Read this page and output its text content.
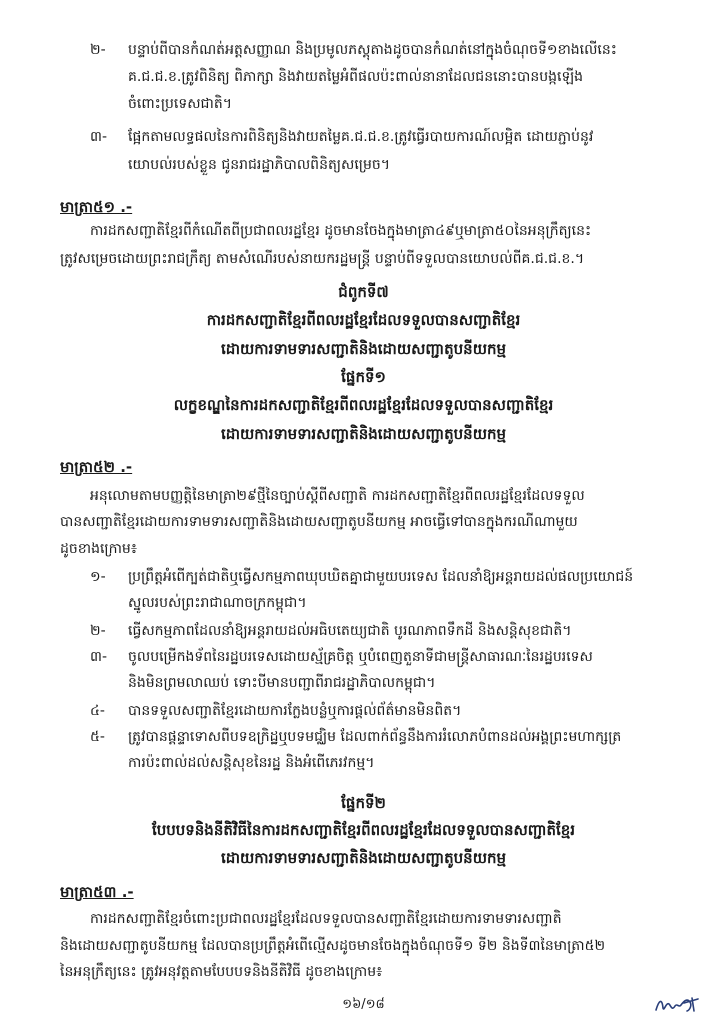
២- បន្ទាប់ពីបានកំណត់អត្តសញ្ញាណ និងប្រមូលភស្តុតាងដូចបានកំណត់នៅក្នុងចំណុចទី១ខាងលើនេះ
គ.ជ.ជ.ខ.ត្រូវពិនិត្យ ពិភាក្សា និងវាយតម្លៃអំពីផលប៉ះពាល់នានាដែលជននោះបានបង្កឡើង
ចំពោះប្រទេសជាតិ។
៣- ផ្អែកតាមលទ្ធផលនៃការពិនិត្យនិងវាយតម្លៃគ.ជ.ជ.ខ.ត្រូវធ្វើរបាយការណ៍លម្អិត ដោយភ្ជាប់នូវ
យោបល់របស់ខ្លួន ជូនរាជរដ្ឋាភិបាលពិនិត្យសម្រេច។
មាត្រា៥១ .-
ការដកសញ្ជាតិខ្មែរពីកំណើតពីប្រជាពលរដ្ឋខ្មែរ ដូចមានចែងក្នុងមាត្រា៤៩ឬមាត្រា៥០នៃអនុក្រឹត្យនេះ
ត្រូវសម្រេចដោយព្រះរាជក្រឹត្យ តាមសំណើរបស់នាយករដ្ឋមន្ត្រី បន្ទាប់ពីទទួលបានយោបល់ពីគ.ជ.ជ.ខ.។
ជំពូកទី៧
ការដកសញ្ជាតិខ្មែរពីពលរដ្ឋខ្មែរដែលទទួលបានសញ្ជាតិខ្មែរ
ដោយការទាមទារសញ្ជាតិនិងដោយសញ្ជាតូបនីយកម្ម
ផ្នែកទី១
លក្ខខណ្ឌនៃការដកសញ្ជាតិខ្មែរពីពលរដ្ឋខ្មែរដែលទទួលបានសញ្ជាតិខ្មែរ
ដោយការទាមទារសញ្ជាតិនិងដោយសញ្ជាតូបនីយកម្ម
មាត្រា៥២ .-
អនុលោមតាមបញ្ញត្តិនៃមាត្រា២៩ថ្មីនៃច្បាប់ស្តីពីសញ្ជាតិ ការដកសញ្ជាតិខ្មែរពីពលរដ្ឋខ្មែរដែលទទួល
បានសញ្ជាតិខ្មែរដោយការទាមទារសញ្ជាតិនិងដោយសញ្ជាតូបនីយកម្ម អាចធ្វើទៅបានក្នុងករណីណាមួយ
ដូចខាងក្រោម៖
១- ប្រព្រឹត្តអំពើក្បត់ជាតិឬធ្វើសកម្មភាពឃុបឃិតគ្នាជាមួយបរទេស ដែលនាំឱ្យអន្តរាយដល់ផលប្រយោជន៍
ស្នូលរបស់ព្រះរាជាណាចក្រកម្ពុជា។
២- ធ្វើសកម្មភាពដែលនាំឱ្យអន្តរាយដល់អធិបតេយ្យជាតិ បូរណភាពទឹកដី និងសន្តិសុខជាតិ។
៣- ចូលបម្រើកងទ័ពនៃរដ្ឋបរទេសដោយស្ម័គ្រចិត្ត ឬបំពេញតួនាទីជាមន្ត្រីសាធារណៈនៃរដ្ឋបរទេស
និងមិនព្រមលាឈប់ ទោះបីមានបញ្ជាពីរាជរដ្ឋាភិបាលកម្ពុជា។
៤- បានទទួលសញ្ជាតិខ្មែរដោយការក្លែងបន្លំឬការផ្តល់ព័ត៌មានមិនពិត។
៥- ត្រូវបានផ្តន្ទាទោសពីបទឧក្រិដ្ឋឬបទមជ្ឈិម ដែលពាក់ព័ន្ធនឹងការរំលោភបំពានដល់អង្គព្រះមហាក្សត្រ
ការប៉ះពាល់ដល់សន្តិសុខនៃរដ្ឋ និងអំពើភេរវកម្ម។
ផ្នែកទី២
បែបបទនិងនីតិវិធីនៃការដកសញ្ជាតិខ្មែរពីពលរដ្ឋខ្មែរដែលទទួលបានសញ្ជាតិខ្មែរ
ដោយការទាមទារសញ្ជាតិនិងដោយសញ្ជាតូបនីយកម្ម
មាត្រា៥៣ .-
ការដកសញ្ជាតិខ្មែរចំពោះប្រជាពលរដ្ឋខ្មែរដែលទទួលបានសញ្ជាតិខ្មែរដោយការទាមទារសញ្ជាតិ
និងដោយសញ្ជាតូបនីយកម្ម ដែលបានប្រព្រឹត្តអំពើល្មើសដូចមានចែងក្នុងចំណុចទី១ ទី២ និងទី៣នៃមាត្រា៥២
នៃអនុក្រឹត្យនេះ ត្រូវអនុវត្តតាមបែបបទនិងនីតិវិធី ដូចខាងក្រោម៖
១៦/១៨
